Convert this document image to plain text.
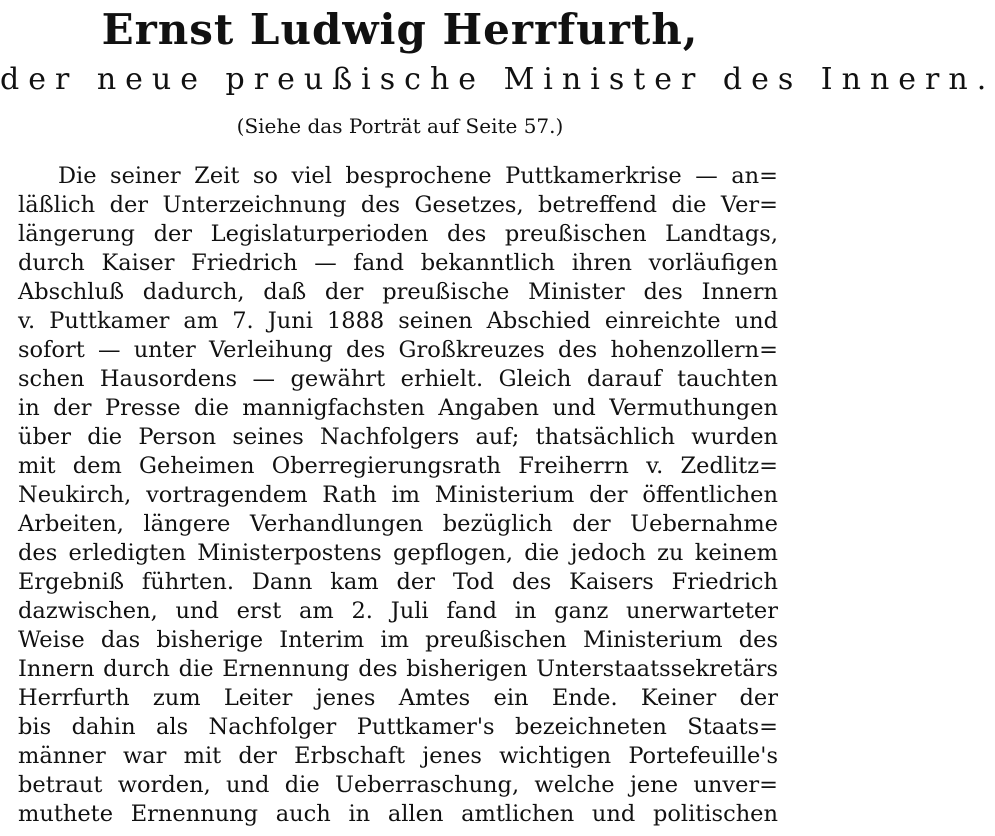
Ernst Ludwig Herrfurth,
der neue preußische Minister des Innern.
(Siehe das Porträt auf Seite 57.)
Die seiner Zeit so viel besprochene Puttkamerkrise — an=
läßlich der Unterzeichnung des Gesetzes, betreffend die Ver=
längerung der Legislaturperioden des preußischen Landtags,
durch Kaiser Friedrich — fand bekanntlich ihren vorläufigen
Abschluß dadurch, daß der preußische Minister des Innern
v. Puttkamer am 7. Juni 1888 seinen Abschied einreichte und
sofort — unter Verleihung des Großkreuzes des hohenzollern=
schen Hausordens — gewährt erhielt. Gleich darauf tauchten
in der Presse die mannigfachsten Angaben und Vermuthungen
über die Person seines Nachfolgers auf; thatsächlich wurden
mit dem Geheimen Oberregierungsrath Freiherrn v. Zedlitz=
Neukirch, vortragendem Rath im Ministerium der öffentlichen
Arbeiten, längere Verhandlungen bezüglich der Uebernahme
des erledigten Ministerpostens gepflogen, die jedoch zu keinem
Ergebniß führten. Dann kam der Tod des Kaisers Friedrich
dazwischen, und erst am 2. Juli fand in ganz unerwarteter
Weise das bisherige Interim im preußischen Ministerium des
Innern durch die Ernennung des bisherigen Unterstaatssekretärs
Herrfurth zum Leiter jenes Amtes ein Ende. Keiner der
bis dahin als Nachfolger Puttkamer's bezeichneten Staats=
männer war mit der Erbschaft jenes wichtigen Portefeuille's
betraut worden, und die Ueberraschung, welche jene unver=
muthete Ernennung auch in allen amtlichen und politischen
